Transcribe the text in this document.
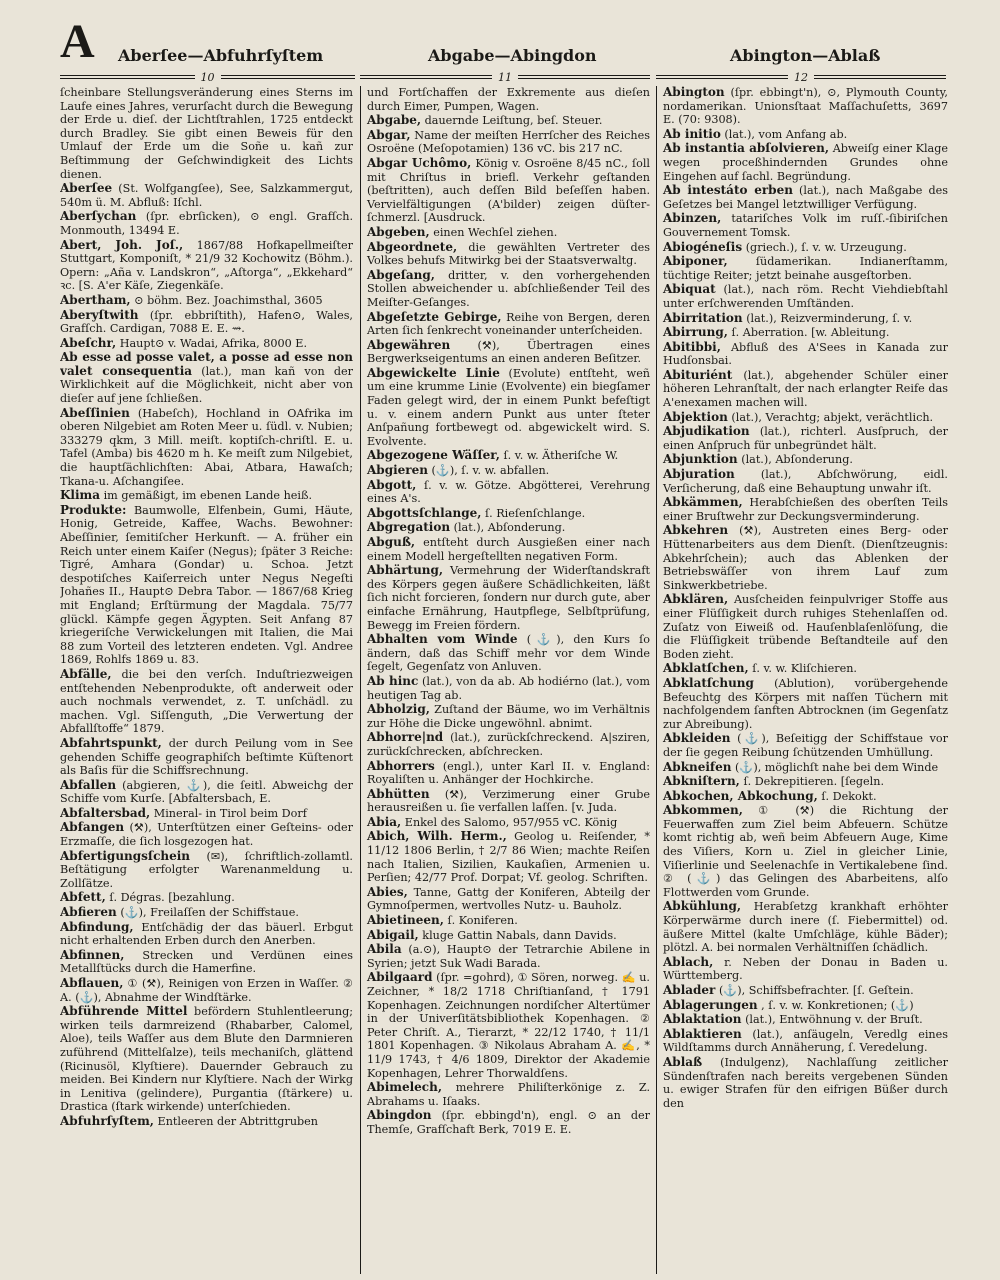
A Aberſee—Abfuhrſyſtem	Abgabe—Abingdon	Abington—Ablaß
10	11	12

ſcheinbare Stellungsveränderung eines Sterns im Laufe eines Jahres, verurſacht durch die Bewegung der Erde u. dieſ. der Lichtſtrahlen, 1725 entdeckt durch Bradley. Sie gibt einen Beweis für den Umlauf der Erde um die Soñe u. kañ zur Beſtimmung der Geſchwindigkeit des Lichts dienen.

Aberſee (St. Wolfgangſee), See, Salzkammergut, 540m ü. M. Abfluß: Iſchl.

Aberſychan (ſpr. ebrſicken), ⊙ engl. Grafſch. Monmouth, 13494 E.

Abert, Joh. Joſ., 1867/88 Hofkapellmeiſter Stuttgart, Komponiſt, * 21/9 32 Kochowitz (Böhm.). Opern: „Aña v. Landskron“, „Aſtorga“, „Ekkehard“ ꝛc. [S. A'er Käſe, Ziegenkäſe.

Abertham, ⊙ böhm. Bez. Joachimsthal, 3605

Aberyſtwith (ſpr. ebbriſtith), Hafen⊙, Wales, Grafſch. Cardigan, 7088 E. E. ⇝.

Abeſchr, Haupt⊙ v. Wadai, Afrika, 8000 E.

Ab esse ad posse valet, a posse ad esse non valet consequentia (lat.), man kañ von der Wirklichkeit auf die Möglichkeit, nicht aber von dieſer auf jene ſchließen.

Abeſſinien (Habeſch), Hochland in OAfrika im oberen Nilgebiet am Roten Meer u. ſüdl. v. Nubien; 333279 qkm, 3 Mill. meiſt. koptiſch-chriſtl. E. u. Tafel (Amba) bis 4620 m h. Ke meiſt zum Nilgebiet, die hauptſächlichſten: Abai, Atbara, Hawaſch; Tkana-u. Aſchangiſee.

Klima im gemäßigt, im ebenen Lande heiß.

Produkte: Baumwolle, Elfenbein, Gumi, Häute, Honig, Getreide, Kaffee, Wachs. Bewohner: Abeſſinier, ſemitiſcher Herkunft. — A. früher ein Reich unter einem Kaiſer (Negus); ſpäter 3 Reiche: Tigré, Amhara (Gondar) u. Schoa. Jetzt despotiſches Kaiſerreich unter Negus Negeſti Johañes II., Haupt⊙ Debra Tabor. — 1867/68 Krieg mit England; Erſtürmung der Magdala. 75/77 glückl. Kämpfe gegen Ägypten. Seit Anfang 87 kriegeriſche Verwickelungen mit Italien, die Mai 88 zum Vorteil des letzteren endeten. Vgl. Andree 1869, Rohlfs 1869 u. 83.

Abfälle, die bei den verſch. Induſtriezweigen entſtehenden Nebenprodukte, oft anderweit oder auch nochmals verwendet, z. T. unſchädl. zu machen. Vgl. Siſſenguth, „Die Verwertung der Abfallſtoffe“ 1879.

Abfahrtspunkt, der durch Peilung vom in See gehenden Schiffe geographiſch beſtimte Küſtenort als Baſis für die Schiffsrechnung.

Abfallen (abgieren, ⚓), die ſeitl. Abweichg der Schiffe vom Kurſe. [Abfaltersbach, E.

Abfaltersbad, Mineral- in Tirol beim Dorf

Abfangen (⚒), Unterſtützen einer Geſteins- oder Erzmaſſe, die ſich losgezogen hat.

Abfertigungsſchein (✉), ſchriftlich-zollamtl. Beſtätigung erfolgter Warenanmeldung u. Zollſätze.

Abfett, ſ. Dégras. [bezahlung.

Abfieren (⚓), Freilaſſen der Schiffstaue.

Abfindung, Entſchädig der das bäuerl. Erbgut nicht erhaltenden Erben durch den Anerben.

Abfinnen, Strecken und Verdünen eines Metallſtücks durch die Hamerfine.

Abflauen, ① (⚒), Reinigen von Erzen in Waſſer. ② A. (⚓), Abnahme der Windſtärke.

Abführende Mittel befördern Stuhlentleerung; wirken teils darmreizend (Rhabarber, Calomel, Aloe), teils Waſſer aus dem Blute den Darmnieren zuführend (Mittelſalze), teils mechaniſch, glättend (Ricinusöl, Klyſtiere). Dauernder Gebrauch zu meiden. Bei Kindern nur Klyſtiere. Nach der Wirkg in Lenitiva (gelindere), Purgantia (ſtärkere) u. Drastica (ſtark wirkende) unterſchieden.

Abfuhrſyſtem, Entleeren der Abtrittgruben

und Fortſchaffen der Exkremente aus dieſen durch Eimer, Pumpen, Wagen.

Abgabe, dauernde Leiſtung, beſ. Steuer.

Abgar, Name der meiſten Herrſcher des Reiches Osroëne (Meſopotamien) 136 vC. bis 217 nC.

Abgar Uchômo, König v. Osroëne 8/45 nC., ſoll mit Chriſtus in briefl. Verkehr geſtanden (beſtritten), auch deſſen Bild beſeſſen haben. Vervielfältigungen (A'bilder) zeigen düſter-ſchmerzl. [Ausdruck.

Abgeben, einen Wechſel ziehen.

Abgeordnete, die gewählten Vertreter des Volkes behufs Mitwirkg bei der Staatsverwaltg.

Abgeſang, dritter, v. den vorhergehenden Stollen abweichender u. abſchließender Teil des Meiſter-Geſanges.

Abgeſetzte Gebirge, Reihe von Bergen, deren Arten ſich ſenkrecht voneinander unterſcheiden.

Abgewähren (⚒), Übertragen eines Bergwerkseigentums an einen anderen Beſitzer.

Abgewickelte Linie (Evolute) entſteht, weñ um eine krumme Linie (Evolvente) ein biegſamer Faden gelegt wird, der in einem Punkt befeſtigt u. v. einem andern Punkt aus unter ſteter Anſpañung fortbewegt od. abgewickelt wird. S. Evolvente.

Abgezogene Wäſſer, ſ. v. w. Ätheriſche W.

Abgieren (⚓), ſ. v. w. abfallen.

Abgott, ſ. v. w. Götze. Abgötterei, Verehrung eines A's.

Abgottsſchlange, ſ. Rieſenſchlange.

Abgregation (lat.), Abſonderung.

Abguß, entſteht durch Ausgießen einer nach einem Modell hergeſtellten negativen Form.

Abhärtung, Vermehrung der Widerſtandskraft des Körpers gegen äußere Schädlichkeiten, läßt ſich nicht forcieren, ſondern nur durch gute, aber einfache Ernährung, Hautpflege, Selbſtprüfung, Bewegg im Freien fördern.

Abhalten vom Winde (⚓), den Kurs ſo ändern, daß das Schiff mehr vor dem Winde ſegelt, Gegenſatz von Anluven.

Ab hinc (lat.), von da ab. Ab hodiérno (lat.), vom heutigen Tag ab.

Abholzig, Zuſtand der Bäume, wo im Verhältnis zur Höhe die Dicke ungewöhnl. abnimt.

Abhorre|nd (lat.), zurückſchreckend. A|sziren, zurückſchrecken, abſchrecken.

Abhorrers (engl.), unter Karl II. v. England: Royaliſten u. Anhänger der Hochkirche.

Abhütten (⚒), Verzimerung einer Grube herausreißen u. ſie verfallen laſſen. [v. Juda.

Abia, Enkel des Salomo, 957/955 vC. König

Abich, Wilh. Herm., Geolog u. Reiſender, * 11/12 1806 Berlin, † 2/7 86 Wien; machte Reiſen nach Italien, Sizilien, Kaukaſien, Armenien u. Perſien; 42/77 Prof. Dorpat; Vf. geolog. Schriften.

Abies, Tanne, Gattg der Koniferen, Abteilg der Gymnoſpermen, wertvolles Nutz- u. Bauholz.

Abietineen, ſ. Koniferen.

Abigail, kluge Gattin Nabals, dann Davids.

Abila (a.⊙), Haupt⊙ der Tetrarchie Abilene in Syrien; jetzt Suk Wadi Barada.

Abilgaard (ſpr. =gohrd), ① Sören, norweg. ✍ u. Zeichner, * 18/2 1718 Chriſtianſand, † 1791 Kopenhagen. Zeichnungen nordiſcher Altertümer in der Univerſitätsbibliothek Kopenhagen. ② Peter Chriſt. A., Tierarzt, * 22/12 1740, † 11/1 1801 Kopenhagen. ③ Nikolaus Abraham A. ✍, * 11/9 1743, † 4/6 1809, Direktor der Akademie Kopenhagen, Lehrer Thorwaldſens.

Abimelech, mehrere Philiſterkönige z. Z. Abrahams u. Iſaaks.

Abingdon (ſpr. ebbingd'n), engl. ⊙ an der Themſe, Grafſchaft Berk, 7019 E. E.

Abington (ſpr. ebbingt'n), ⊙, Plymouth County, nordamerikan. Unionsſtaat Maſſachuſetts, 3697 E. (70: 9308).

Ab initio (lat.), vom Anfang ab.

Ab instantia abſolvieren, Abweiſg einer Klage wegen proceßhindernden Grundes ohne Eingehen auf ſachl. Begründung.

Ab intestáto erben (lat.), nach Maßgabe des Geſetzes bei Mangel letztwilliger Verfügung.

Abinzen, tatariſches Volk im ruſſ.-ſibiriſchen Gouvernement Tomsk.

Abiogéneſis (griech.), ſ. v. w. Urzeugung.

Abiponer,	ſüdamerikan. Indianerſtamm, tüchtige Reiter; jetzt beinahe ausgeſtorben.

Abiquat (lat.), nach röm. Recht Viehdiebſtahl unter erſchwerenden Umſtänden.

Abirritation (lat.), Reizverminderung, ſ. v.

Abirrung, ſ. Aberration. [w. Ableitung.

Abitibbi, Abfluß des A'Sees in Kanada zur Hudſonsbai.

Abituriént (lat.), abgehender Schüler einer höheren Lehranſtalt, der nach erlangter Reife das A'enexamen machen will.

Abjektion (lat.), Verachtg; abjekt, verächtlich.

Abjudikation (lat.), richterl. Ausſpruch, der einen Anſpruch für unbegründet hält.

Abjunktion (lat.), Abſonderung.

Abjuration (lat.), Abſchwörung, eidl. Verſicherung, daß eine Behauptung unwahr iſt.

Abkämmen, Herabſchießen des oberſten Teils einer Bruſtwehr zur Deckungsverminderung.

Abkehren (⚒), Austreten eines Berg- oder Hüttenarbeiters aus dem Dienſt. (Dienſtzeugnis: Abkehrſchein); auch das Ablenken der Betriebswäſſer von ihrem Lauf zum Sinkwerkbetriebe.

Abklären, Ausſcheiden feinpulvriger Stoffe aus einer Flüſſigkeit durch ruhiges Stehenlaſſen od. Zuſatz von Eiweiß od. Hauſenblaſenlöſung, die die Flüſſigkeit trübende Beſtandteile auf den Boden zieht.

Abklatſchen, ſ. v. w. Kliſchieren.

Abklatſchung (Ablution), vorübergehende Befeuchtg des Körpers mit naſſen Tüchern mit nachfolgendem ſanften Abtrocknen (im Gegenſatz zur Abreibung).

Abkleiden (⚓), Beſeitigg der Schiffstaue vor der ſie gegen Reibung ſchützenden Umhüllung.

Abkneifen (⚓), möglichſt nahe bei dem Winde

Abkniſtern, ſ. Dekrepitieren. [ſegeln.

Abkochen, Abkochung, ſ. Dekokt.

Abkommen, ① (⚒) die Richtung der Feuerwaffen zum Ziel beim Abfeuern. Schütze komt richtig ab, weñ beim Abfeuern Auge, Kime des Viſiers, Korn u. Ziel in gleicher Linie, Viſierlinie und Seelenachſe in Vertikalebene ſind. ② (⚓) das Gelingen des Abarbeitens, alſo Flottwerden vom Grunde.

Abkühlung, Herabſetzg krankhaft erhöhter Körperwärme durch inere (ſ. Fiebermittel) od. äußere Mittel (kalte Umſchläge, kühle Bäder); plötzl. A. bei normalen Verhältniſſen ſchädlich.

Ablach, r. Neben der Donau in Baden u. Württemberg.

Ablader (⚓), Schiffsbefrachter. [ſ. Geſtein.

Ablagerungen , ſ. v. w. Konkretionen; (⚓)

Ablaktation (lat.), Entwöhnung v. der Bruſt.

Ablaktieren (lat.), anſäugeln, Veredlg eines Wildſtamms durch Annäherung, ſ. Veredelung.

Ablaß (Indulgenz), Nachlaſſung zeitlicher Sündenſtrafen nach bereits vergebenen Sünden u. ewiger Strafen für den eifrigen Büßer durch den
